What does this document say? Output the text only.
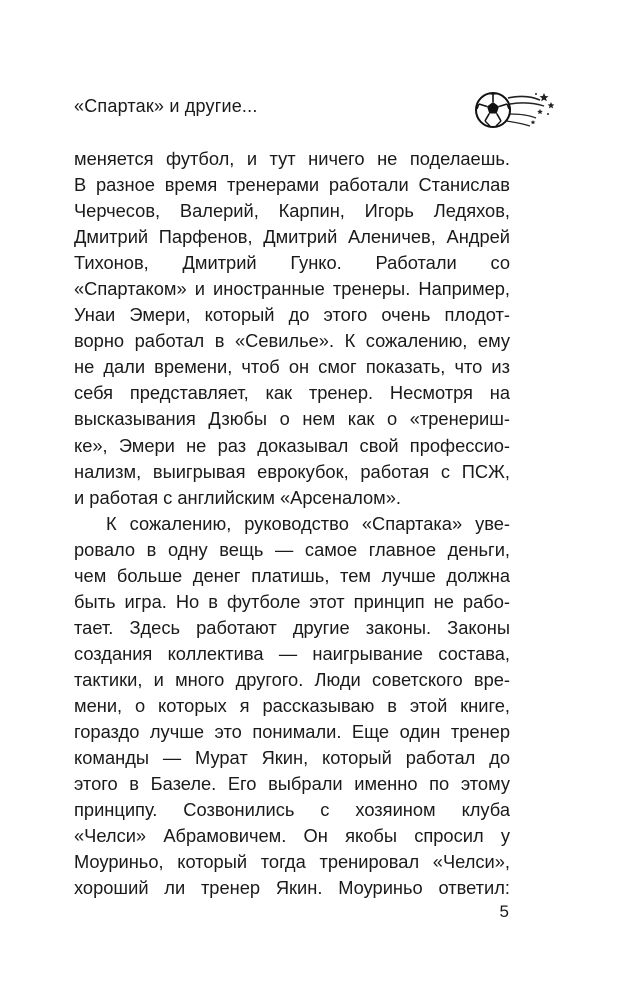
«Спартак» и другие...
меняется футбол, и тут ничего не поделаешь.
В разное время тренерами работали Станислав
Черчесов, Валерий, Карпин, Игорь Ледяхов,
Дмитрий Парфенов, Дмитрий Аленичев, Андрей
Тихонов, Дмитрий Гунко. Работали со
«Спартаком» и иностранные тренеры. Например,
Унаи Эмери, который до этого очень плодот-
ворно работал в «Севилье». К сожалению, ему
не дали времени, чтоб он смог показать, что из
себя представляет, как тренер. Несмотря на
высказывания Дзюбы о нем как о «тренериш-
ке», Эмери не раз доказывал свой профессио-
нализм, выигрывая еврокубок, работая с ПСЖ,
и работая с английским «Арсеналом».
К сожалению, руководство «Спартака» уве-
ровало в одну вещь — самое главное деньги,
чем больше денег платишь, тем лучше должна
быть игра. Но в футболе этот принцип не рабо-
тает. Здесь работают другие законы. Законы
создания коллектива — наигрывание состава,
тактики, и много другого. Люди советского вре-
мени, о которых я рассказываю в этой книге,
гораздо лучше это понимали. Еще один тренер
команды — Мурат Якин, который работал до
этого в Базеле. Его выбрали именно по этому
принципу. Созвонились с хозяином клуба
«Челси» Абрамовичем. Он якобы спросил у
Моуриньо, который тогда тренировал «Челси»,
хороший ли тренер Якин. Моуриньо ответил:
5
